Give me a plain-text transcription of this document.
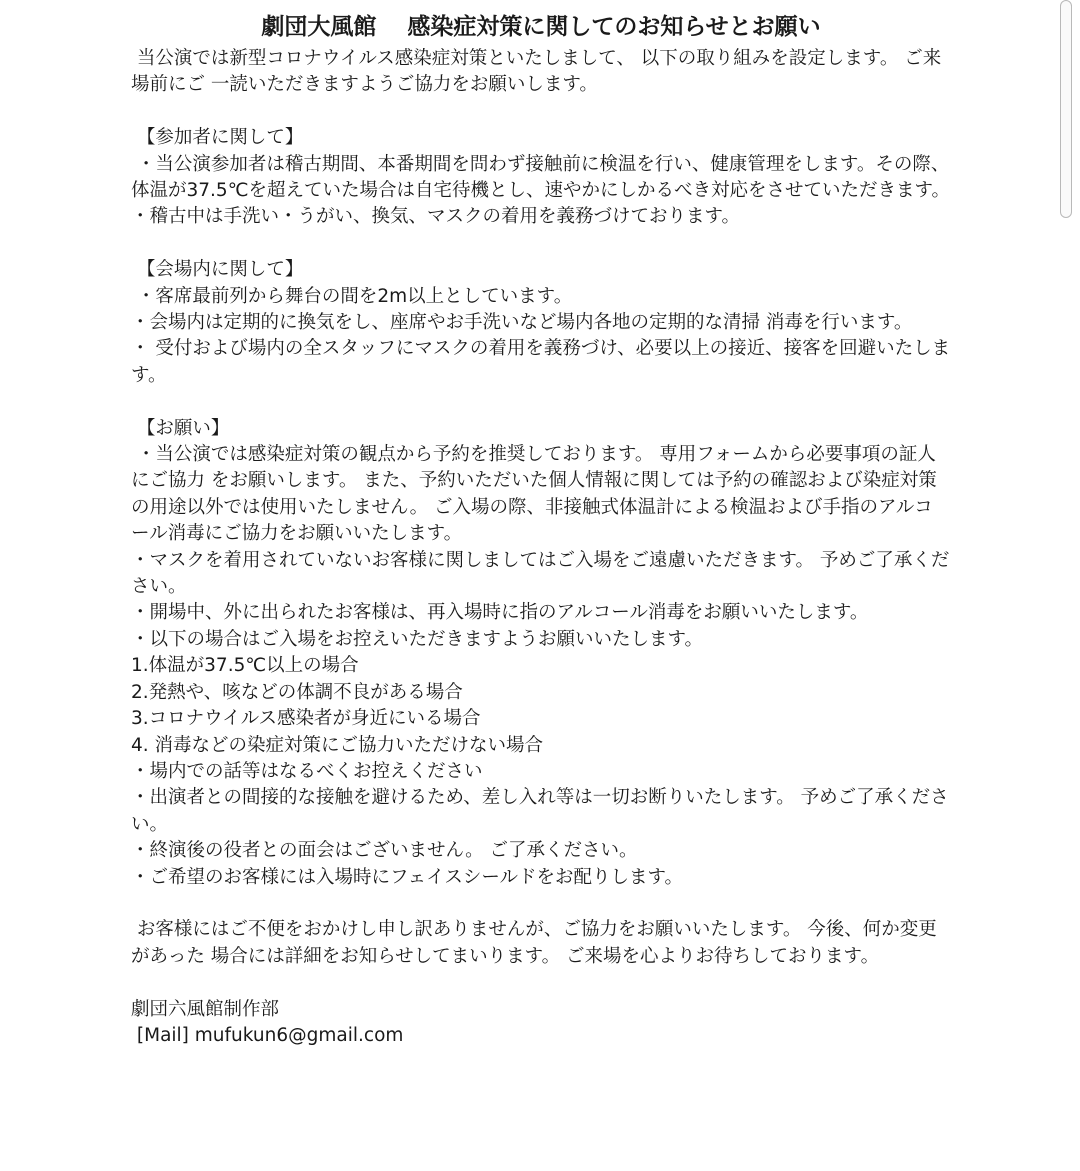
劇団大風館　 感染症対策に関してのお知らせとお願い
当公演では新型コロナウイルス感染症対策といたしまして、 以下の取り組みを設定します。 ご来場前にご 一読いただきますようご協力をお願いします。
【参加者に関して】
・当公演参加者は稽古期間、本番期間を問わず接触前に検温を行い、健康管理をします。その際、体温が37.5℃を超えていた場合は自宅待機とし、速やかにしかるべき対応をさせていただきます。
・稽古中は手洗い・うがい、換気、マスクの着用を義務づけております。
【会場内に関して】
・客席最前列から舞台の間を2m以上としています。
・会場内は定期的に換気をし、座席やお手洗いなど場内各地の定期的な清掃 消毒を行います。
・ 受付および場内の全スタッフにマスクの着用を義務づけ、必要以上の接近、接客を回避いたします。
【お願い】
・当公演では感染症対策の観点から予約を推奨しております。 専用フォームから必要事項の証人にご協力 をお願いします。 また、予約いただいた個人情報に関しては予約の確認および染症対策の用途以外では使用いたしません。 ご入場の際、非接触式体温計による検温および手指のアルコール消毒にご協力をお願いいたします。
・マスクを着用されていないお客様に関しましてはご入場をご遠慮いただきます。 予めご了承ください。
・開場中、外に出られたお客様は、再入場時に指のアルコール消毒をお願いいたします。
・以下の場合はご入場をお控えいただきますようお願いいたします。
1.体温が37.5℃以上の場合
2.発熱や、咳などの体調不良がある場合
3.コロナウイルス感染者が身近にいる場合
4. 消毒などの染症対策にご協力いただけない場合
・場内での話等はなるべくお控えください
・出演者との間接的な接触を避けるため、差し入れ等は一切お断りいたします。 予めご了承ください。
・終演後の役者との面会はございません。 ご了承ください。
・ご希望のお客様には入場時にフェイスシールドをお配りします。
お客様にはご不便をおかけし申し訳ありませんが、ご協力をお願いいたします。 今後、何か変更があった 場合には詳細をお知らせしてまいります。 ご来場を心よりお待ちしております。
劇団六風館制作部
[Mail] mufukun6@gmail.com
